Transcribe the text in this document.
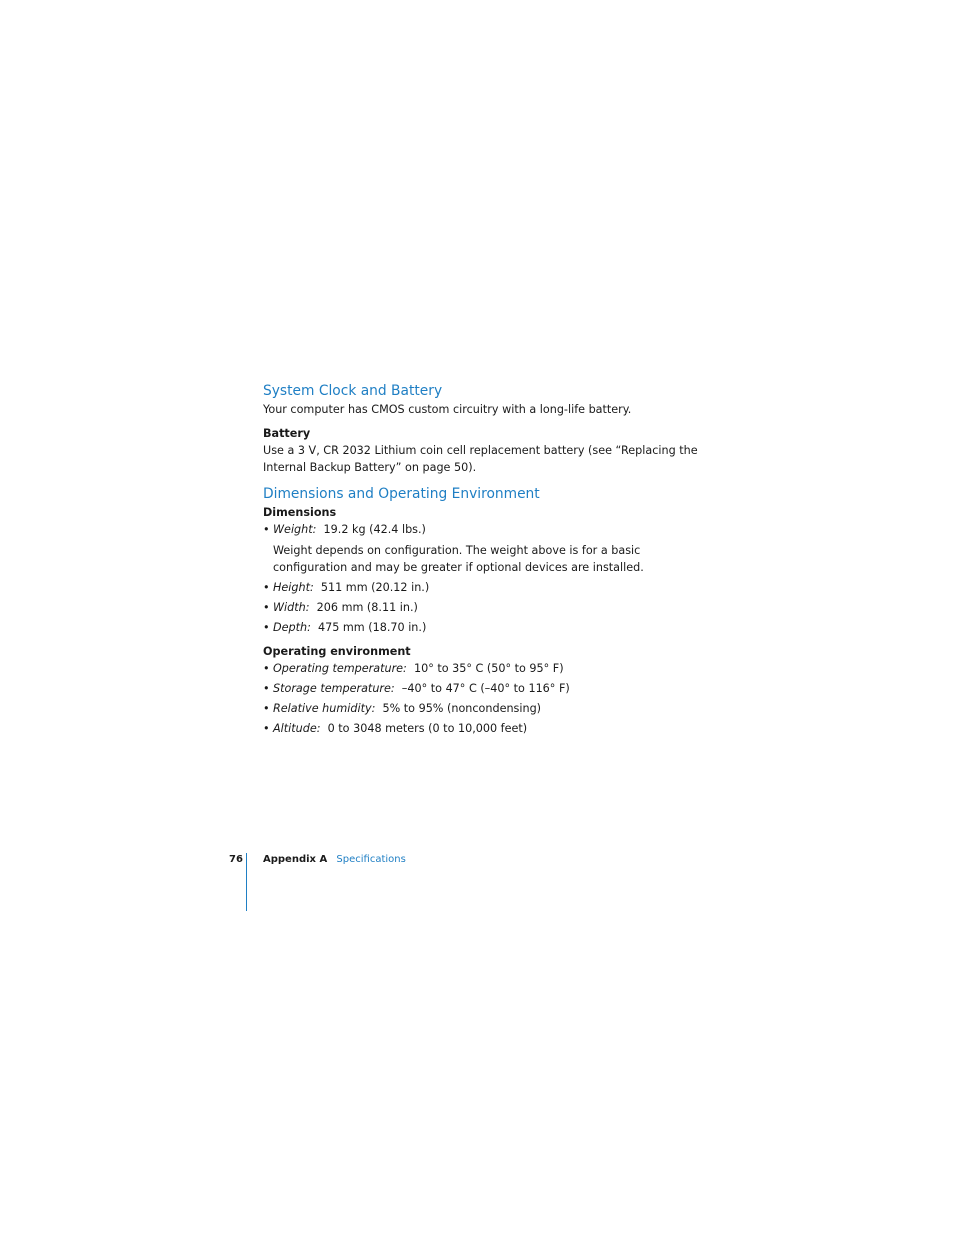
System Clock and Battery

Your computer has CMOS custom circuitry with a long-life battery.

Battery

Use a 3 V, CR 2032 Lithium coin cell replacement battery (see “Replacing the Internal Backup Battery” on page 50).

Dimensions and Operating Environment
Dimensions
• Weight: 19.2 kg (42.4 lbs.)

Weight depends on configuration. The weight above is for a basic configuration and may be greater if optional devices are installed.

• Height: 511 mm (20.12 in.)
• Width: 206 mm (8.11 in.)
• Depth: 475 mm (18.70 in.)
Operating environment
• Operating temperature: 10° to 35° C (50° to 95° F)
• Storage temperature: –40° to 47° C (–40° to 116° F)
• Relative humidity: 5% to 95% (noncondensing)
• Altitude: 0 to 3048 meters (0 to 10,000 feet)
76 Appendix A Specifications
